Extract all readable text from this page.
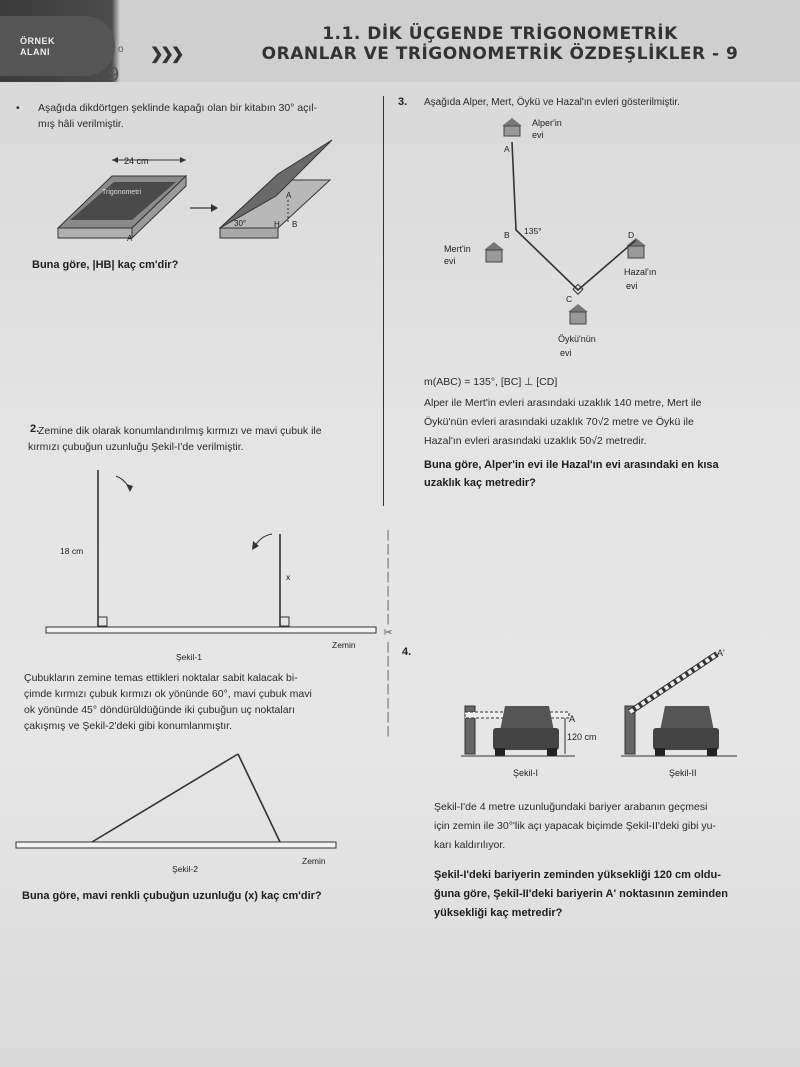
ÖRNEK ALANI	o
9
❯❯❯
1.1. DİK ÜÇGENDE TRİGONOMETRİK
ORANLAR VE TRİGONOMETRİK ÖZDEŞLİKLER - 9
|
|
|
|
|
|
|
✂
|
|
|
|
|
|
|
• Aşağıda dikdörtgen şeklinde kapağı olan bir kitabın 30° açıl-
mış hâli verilmiştir.
24 cm
Trigonometri
A
30°	H B
A
Buna göre, |HB| kaç cm'dir?
2.
Zemine dik olarak konumlandırılmış kırmızı ve mavi çubuk ile
kırmızı çubuğun uzunluğu Şekil-I'de verilmiştir.
18 cm
x
Zemin
Şekil-1
Çubukların zemine temas ettikleri noktalar sabit kalacak bi-
çimde kırmızı çubuk kırmızı ok yönünde 60°, mavi çubuk mavi
ok yönünde 45° döndürüldüğünde iki çubuğun uç noktaları
çakışmış ve Şekil-2'deki gibi konumlanmıştır.
Zemin
Şekil-2
Buna göre, mavi renkli çubuğun uzunluğu (x) kaç cm'dir?
3. Aşağıda Alper, Mert, Öykü ve Hazal'ın evleri gösterilmiştir.
Alper'in
evi
A
B 135°
Mert'in
evi
D
Hazal'ın
evi
C
Öykü'nün
evi
m(ABC) = 135°, [BC] ⊥ [CD]
Alper ile Mert'in evleri arasındaki uzaklık 140 metre, Mert ile
Öykü'nün evleri arasındaki uzaklık 70√2 metre ve Öykü ile
Hazal'ın evleri arasındaki uzaklık 50√2 metredir.
Buna göre, Alper'in evi ile Hazal'ın evi arasındaki en kısa
uzaklık kaç metredir?
4.
A
120 cm
Şekil-I
A'
Şekil-II
Şekil-I'de 4 metre uzunluğundaki bariyer arabanın geçmesi
için zemin ile 30°'lik açı yapacak biçimde Şekil-II'deki gibi yu-
karı kaldırılıyor.
Şekil-I'deki bariyerin zeminden yüksekliği 120 cm oldu-
ğuna göre, Şekil-II'deki bariyerin A' noktasının zeminden
yüksekliği kaç metredir?
